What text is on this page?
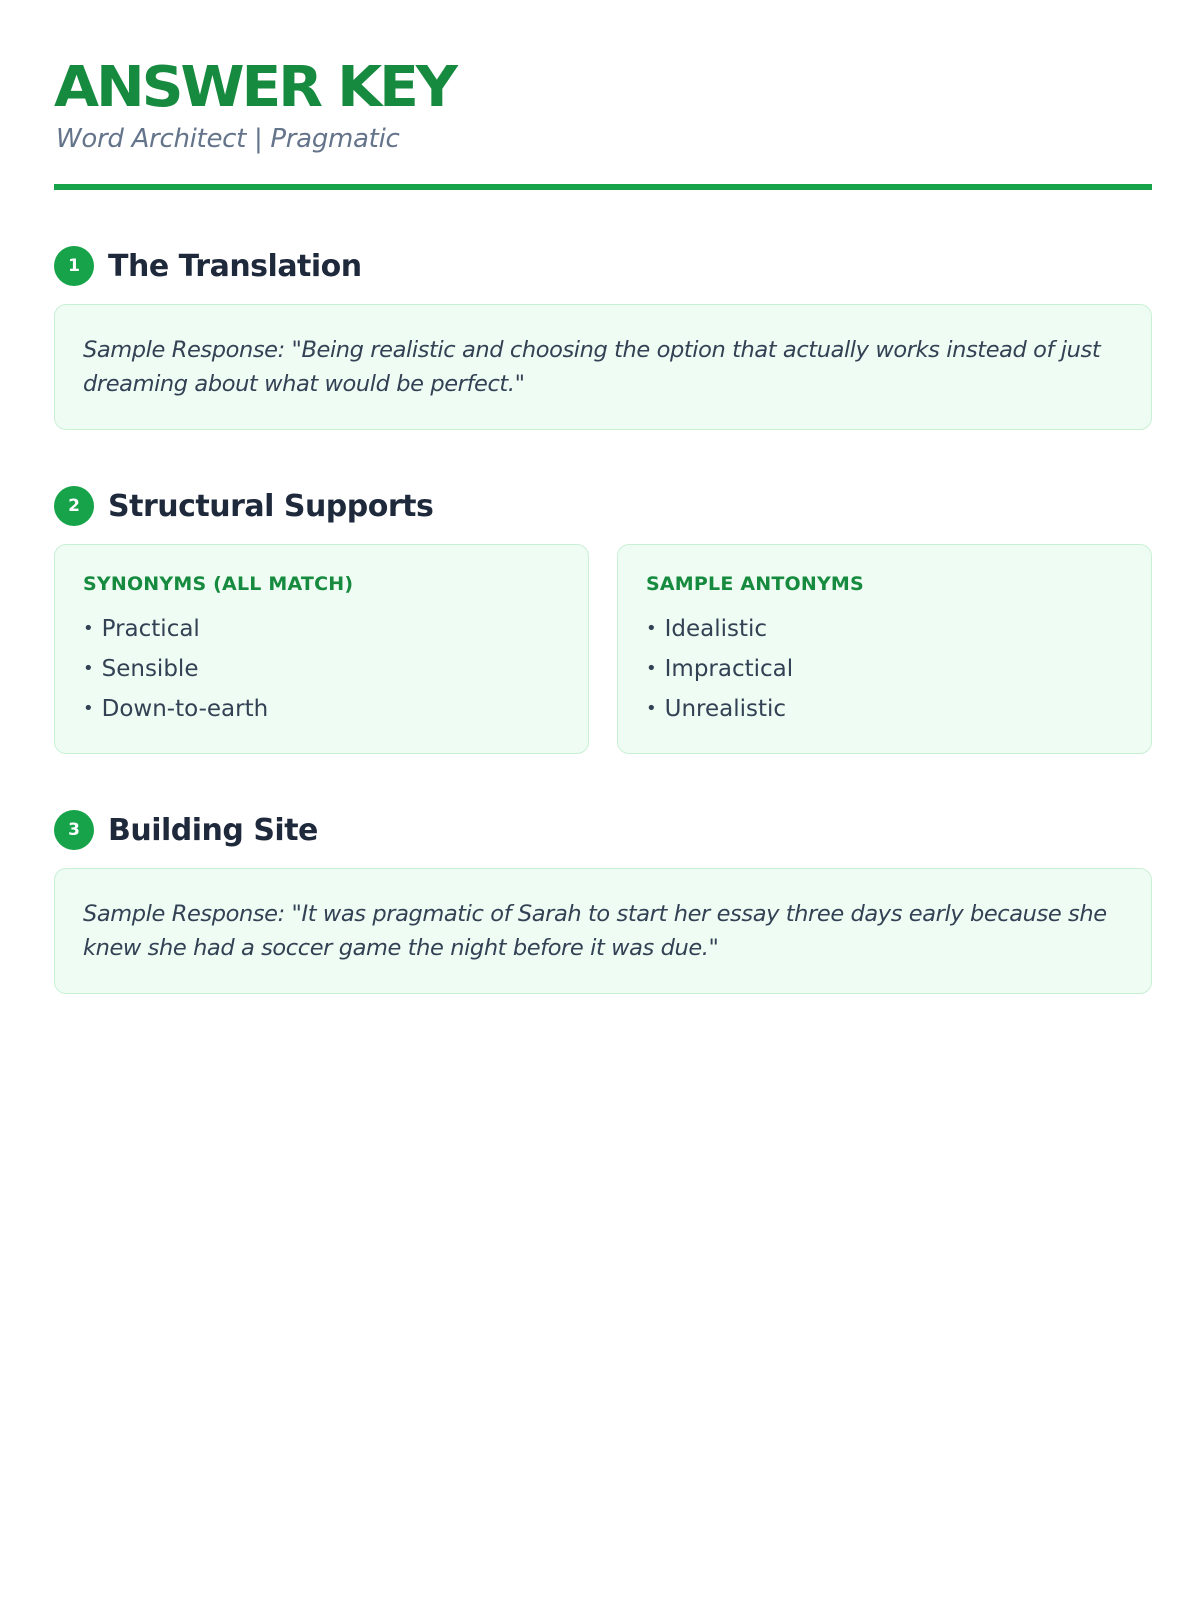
ANSWER KEY
Word Architect | Pragmatic
1 The Translation

Sample Response: "Being realistic and choosing the option that actually works instead of just dreaming about what would be perfect."

2 Structural Supports
SYNONYMS (ALL MATCH)
• Practical
• Sensible
• Down-to-earth
SAMPLE ANTONYMS
• Idealistic
• Impractical
• Unrealistic
3 Building Site

Sample Response: "It was pragmatic of Sarah to start her essay three days early because she knew she had a soccer game the night before it was due."
